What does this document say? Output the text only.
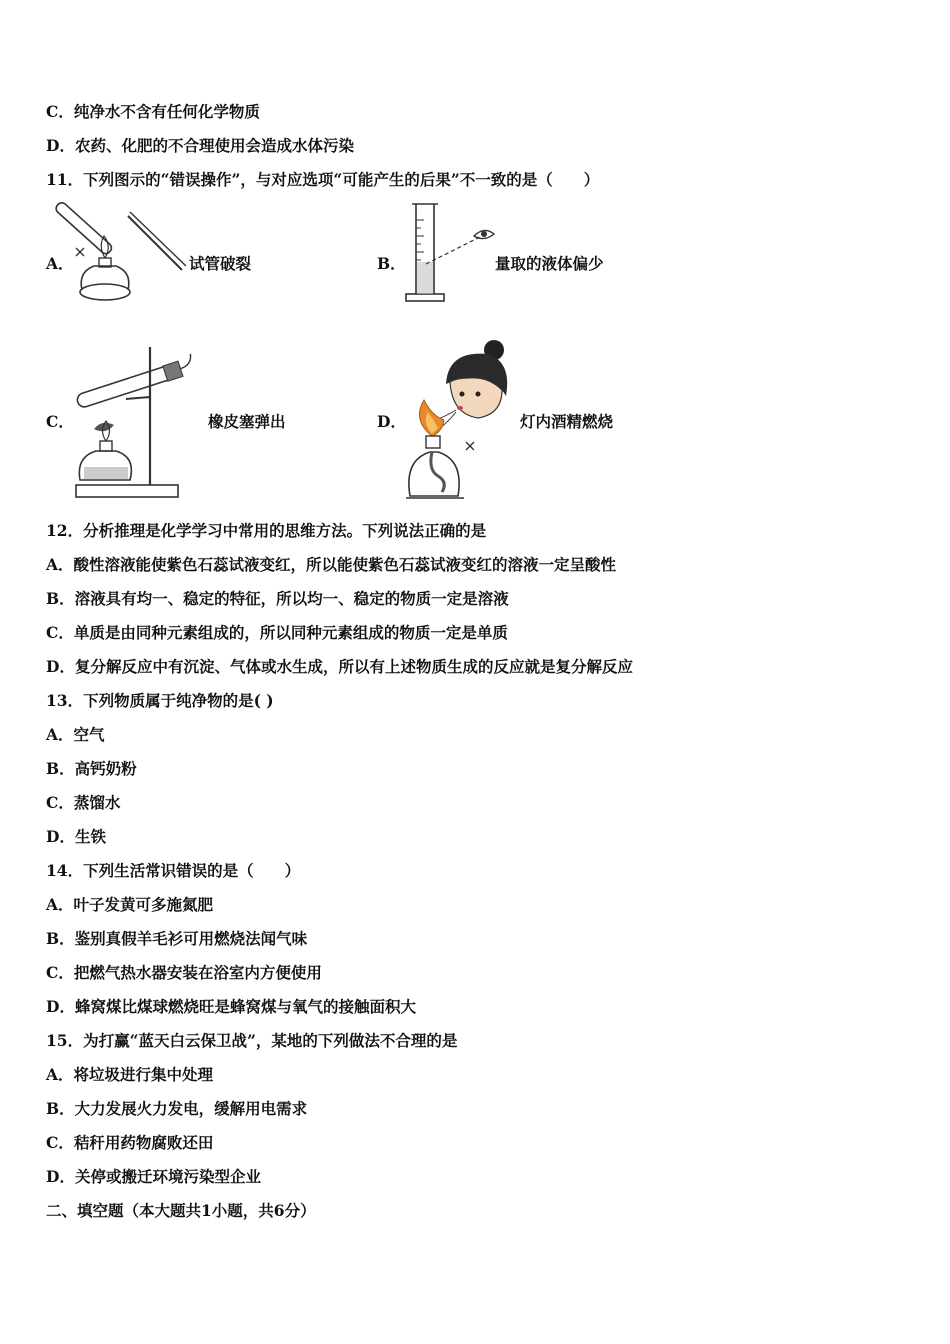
C．纯净水不含有任何化学物质
D．农药、化肥的不合理使用会造成水体污染
11．下列图示的“错误操作”，与对应选项“可能产生的后果”不一致的是（　　）
A．	试管破裂	B．	量取的液体偏少
C．	橡皮塞弹出	D．	灯内酒精燃烧
12．分析推理是化学学习中常用的思维方法。下列说法正确的是
A．酸性溶液能使紫色石蕊试液变红，所以能使紫色石蕊试液变红的溶液一定呈酸性
B．溶液具有均一、稳定的特征，所以均一、稳定的物质一定是溶液
C．单质是由同种元素组成的，所以同种元素组成的物质一定是单质
D．复分解反应中有沉淀、气体或水生成，所以有上述物质生成的反应就是复分解反应
13．下列物质属于纯净物的是( )
A．空气
B．高钙奶粉
C．蒸馏水
D．生铁
14．下列生活常识错误的是（　　）
A．叶子发黄可多施氮肥
B．鉴别真假羊毛衫可用燃烧法闻气味
C．把燃气热水器安装在浴室内方便使用
D．蜂窝煤比煤球燃烧旺是蜂窝煤与氧气的接触面积大
15．为打赢“蓝天白云保卫战”，某地的下列做法不合理的是
A．将垃圾进行集中处理
B．大力发展火力发电，缓解用电需求
C．秸秆用药物腐败还田
D．关停或搬迁环境污染型企业
二、填空题（本大题共1小题，共6分）
